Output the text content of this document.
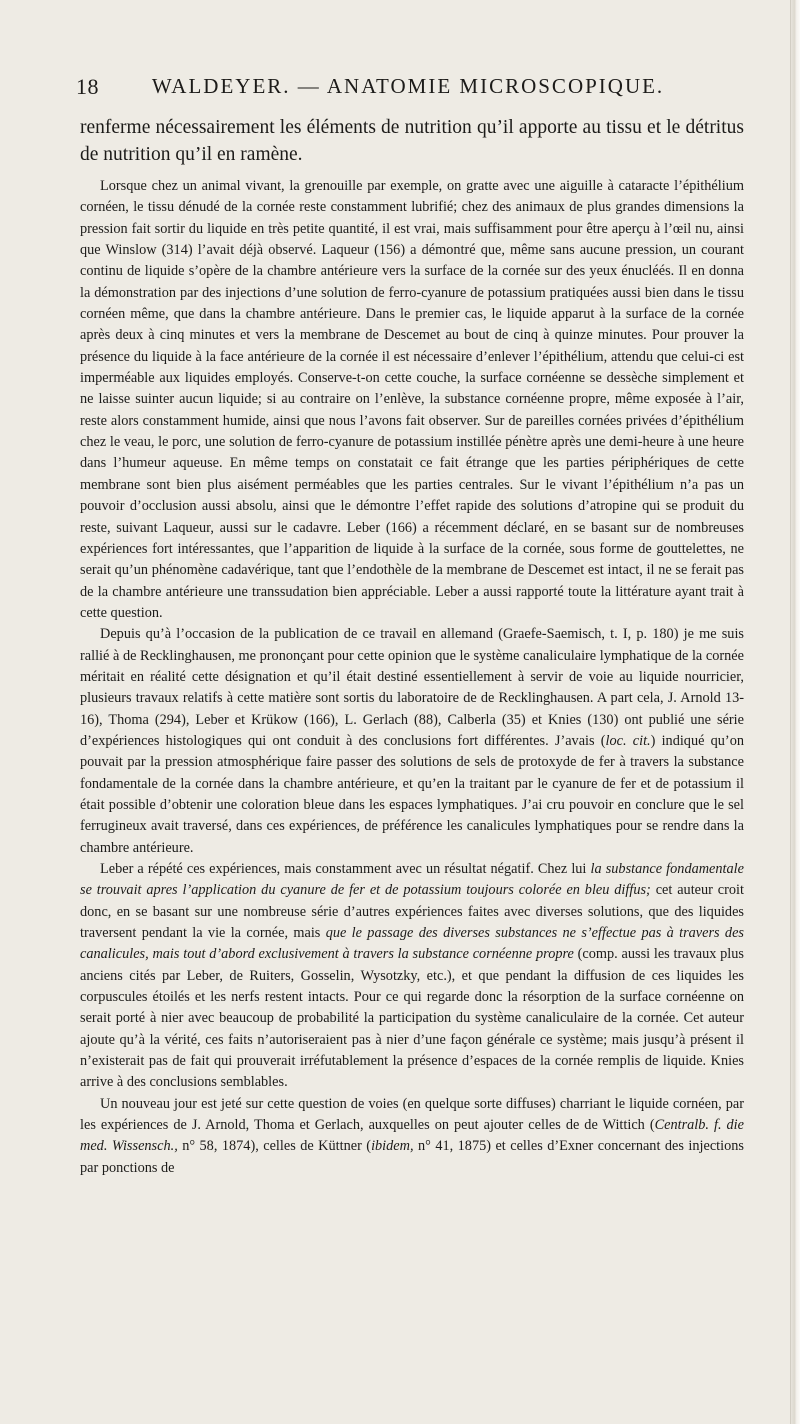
18	WALDEYER. — ANATOMIE MICROSCOPIQUE.
renferme nécessairement les éléments de nutrition qu’il apporte au tissu et le détritus de nutrition qu’il en ramène.

Lorsque chez un animal vivant, la grenouille par exemple, on gratte avec une aiguille à cataracte l’épithélium cornéen, le tissu dénudé de la cornée reste constamment lubrifié; chez des animaux de plus grandes dimensions la pression fait sortir du liquide en très petite quantité, il est vrai, mais suffisamment pour être aperçu à l’œil nu, ainsi que Winslow (314) l’avait déjà observé. Laqueur (156) a démontré que, même sans aucune pression, un courant continu de liquide s’opère de la chambre antérieure vers la surface de la cornée sur des yeux énucléés. Il en donna la démonstration par des injections d’une solution de ferro-cyanure de potassium pratiquées aussi bien dans le tissu cornéen même, que dans la chambre antérieure. Dans le premier cas, le liquide apparut à la surface de la cornée après deux à cinq minutes et vers la membrane de Descemet au bout de cinq à quinze minutes. Pour prouver la présence du liquide à la face antérieure de la cornée il est nécessaire d’enlever l’épithélium, attendu que celui-ci est imperméable aux liquides employés. Conserve-t-on cette couche, la surface cornéenne se dessèche simplement et ne laisse suinter aucun liquide; si au contraire on l’enlève, la substance cornéenne propre, même exposée à l’air, reste alors constamment humide, ainsi que nous l’avons fait observer. Sur de pareilles cornées privées d’épithélium chez le veau, le porc, une solution de ferro-cyanure de potassium instillée pénètre après une demi-heure à une heure dans l’humeur aqueuse. En même temps on constatait ce fait étrange que les parties périphériques de cette membrane sont bien plus aisément perméables que les parties centrales. Sur le vivant l’épithélium n’a pas un pouvoir d’occlusion aussi absolu, ainsi que le démontre l’effet rapide des solutions d’atropine qui se produit du reste, suivant Laqueur, aussi sur le cadavre. Leber (166) a récemment déclaré, en se basant sur de nombreuses expériences fort intéressantes, que l’apparition de liquide à la surface de la cornée, sous forme de gouttelettes, ne serait qu’un phénomène cadavérique, tant que l’endothèle de la membrane de Descemet est intact, il ne se ferait pas de la chambre antérieure une transsudation bien appréciable. Leber a aussi rapporté toute la littérature ayant trait à cette question.

Depuis qu’à l’occasion de la publication de ce travail en allemand (Graefe-Saemisch, t. I, p. 180) je me suis rallié à de Recklinghausen, me prononçant pour cette opinion que le système canaliculaire lymphatique de la cornée méritait en réalité cette désignation et qu’il était destiné essentiellement à servir de voie au liquide nourricier, plusieurs travaux relatifs à cette matière sont sortis du laboratoire de de Recklinghausen. A part cela, J. Arnold 13-16), Thoma (294), Leber et Krükow (166), L. Gerlach (88), Calberla (35) et Knies (130) ont publié une série d’expériences histologiques qui ont conduit à des conclusions fort différentes. J’avais (loc. cit.) indiqué qu’on pouvait par la pression atmosphérique faire passer des solutions de sels de protoxyde de fer à travers la substance fondamentale de la cornée dans la chambre antérieure, et qu’en la traitant par le cyanure de fer et de potassium il était possible d’obtenir une coloration bleue dans les espaces lymphatiques. J’ai cru pouvoir en conclure que le sel ferrugineux avait traversé, dans ces expériences, de préférence les canalicules lymphatiques pour se rendre dans la chambre antérieure.

Leber a répété ces expériences, mais constamment avec un résultat négatif. Chez lui la substance fondamentale se trouvait apres l’application du cyanure de fer et de potassium toujours colorée en bleu diffus; cet auteur croit donc, en se basant sur une nombreuse série d’autres expériences faites avec diverses solutions, que des liquides traversent pendant la vie la cornée, mais que le passage des diverses substances ne s’effectue pas à travers des canalicules, mais tout d’abord exclusivement à travers la substance cornéenne propre (comp. aussi les travaux plus anciens cités par Leber, de Ruiters, Gosselin, Wysotzky, etc.), et que pendant la diffusion de ces liquides les corpuscules étoilés et les nerfs restent intacts. Pour ce qui regarde donc la résorption de la surface cornéenne on serait porté à nier avec beaucoup de probabilité la participation du système canaliculaire de la cornée. Cet auteur ajoute qu’à la vérité, ces faits n’autoriseraient pas à nier d’une façon générale ce système; mais jusqu’à présent il n’existerait pas de fait qui prouverait irréfutablement la présence d’espaces de la cornée remplis de liquide. Knies arrive à des conclusions semblables.

Un nouveau jour est jeté sur cette question de voies (en quelque sorte diffuses) charriant le liquide cornéen, par les expériences de J. Arnold, Thoma et Gerlach, auxquelles on peut ajouter celles de de Wittich (Centralb. f. die med. Wissensch., n° 58, 1874), celles de Küttner (ibidem, n° 41, 1875) et celles d’Exner concernant des injections par ponctions de
